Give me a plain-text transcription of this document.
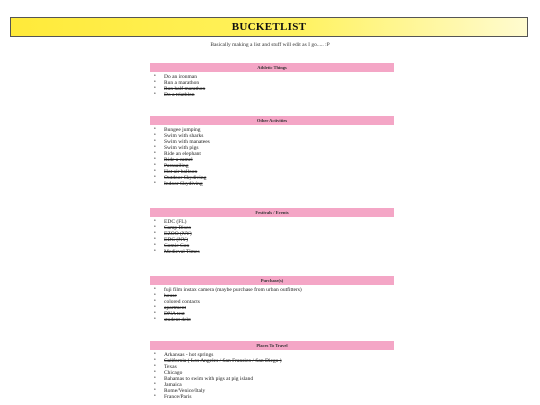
BUCKETLIST
Basically making a list and stuff will edit as I go..... :P
Athletic Things
• Do an ironman
• Run a marathon
• Run half marathon
• Do a triathlon
Other Activities
• Bungee jumping
• Swim with sharks
• Swim with manatees
• Swim with pigs
• Ride an elephant
• Ride a camel
• Parasailing
• Hot air balloon
• Outdoor Skydiving
• Indoor Skydiving
Festivals / Events
• EDC (FL)
• Camp Bisco
• EZOO (NY)
• EDC (NY)
• Comic Con
• Medieval Times
Purchase(s)
• fuji film instax camera (maybe purchase from urban outfitters)
• house
• colored contacts
• apartment
• DNA test
• student debt
Places To Travel
• Arkansas - hot springs
• California ( Los Angeles / San Fransico / San Diego )
• Texas
• Chicago
• Bahamas to swim with pigs at pig island
• Jamaica
• Rome/Venice/Italy
• France/Paris
